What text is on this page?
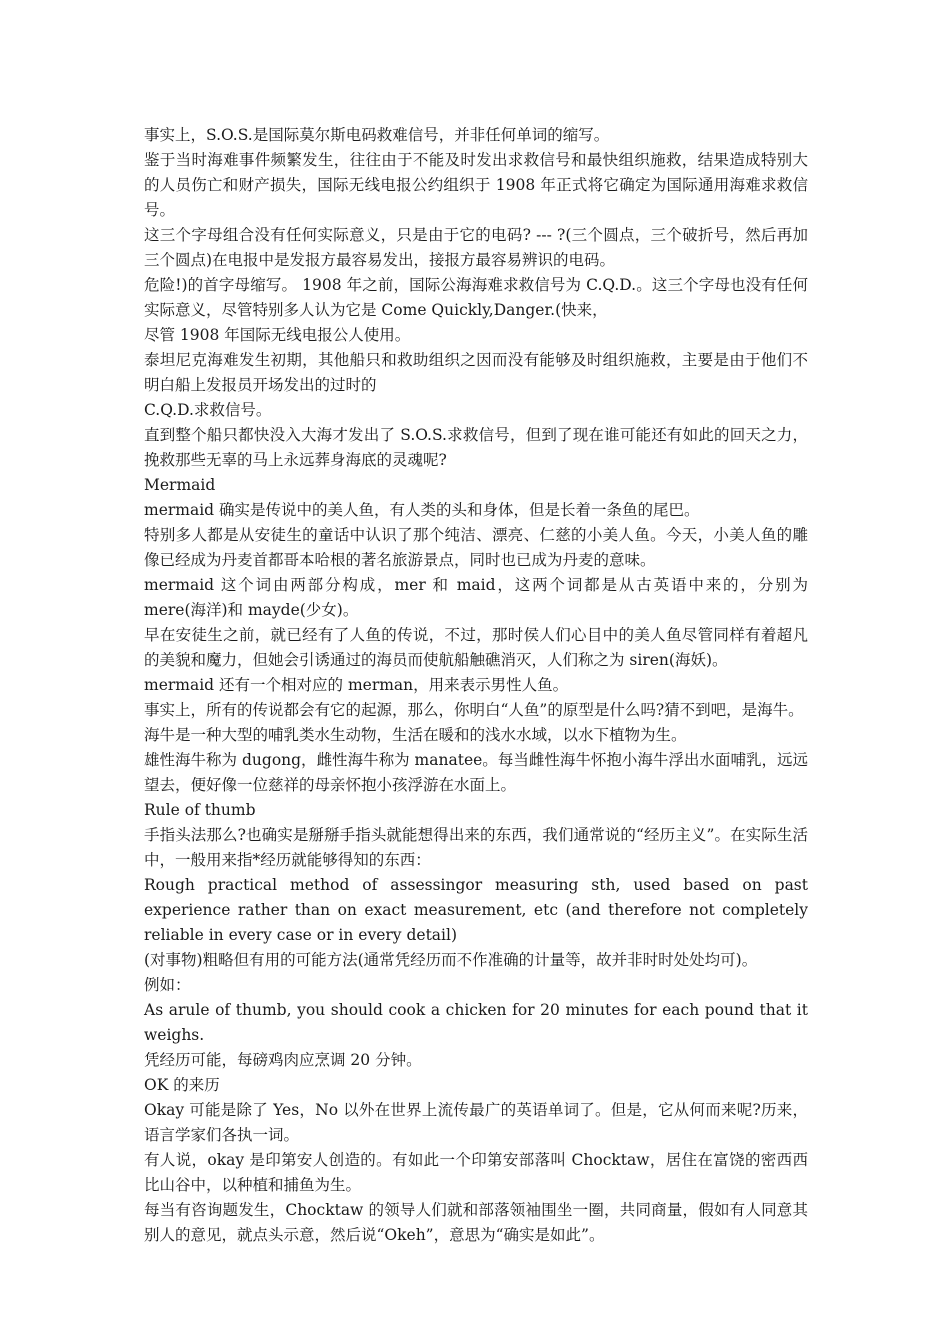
事实上，S.O.S.是国际莫尔斯电码救难信号，并非任何单词的缩写。

鉴于当时海难事件频繁发生，往往由于不能及时发出求救信号和最快组织施救，结果造成特别大的人员伤亡和财产损失，国际无线电报公约组织于 1908 年正式将它确定为国际通用海难求救信号。

这三个字母组合没有任何实际意义，只是由于它的电码? --- ?(三个圆点，三个破折号，然后再加三个圆点)在电报中是发报方最容易发出，接报方最容易辨识的电码。

危险!)的首字母缩写。 1908 年之前，国际公海海难求救信号为 C.Q.D.。这三个字母也没有任何实际意义，尽管特别多人认为它是 Come Quickly,Danger.(快来，

尽管 1908 年国际无线电报公人使用。

泰坦尼克海难发生初期，其他船只和救助组织之因而没有能够及时组织施救，主要是由于他们不明白船上发报员开场发出的过时的

C.Q.D.求救信号。

直到整个船只都快没入大海才发出了 S.O.S.求救信号，但到了现在谁可能还有如此的回天之力，挽救那些无辜的马上永远葬身海底的灵魂呢?

Mermaid

mermaid 确实是传说中的美人鱼，有人类的头和身体，但是长着一条鱼的尾巴。

特别多人都是从安徒生的童话中认识了那个纯洁、漂亮、仁慈的小美人鱼。今天，小美人鱼的雕像已经成为丹麦首都哥本哈根的著名旅游景点，同时也已成为丹麦的意味。

mermaid 这个词由两部分构成，mer 和 maid，这两个词都是从古英语中来的，分别为 mere(海洋)和 mayde(少女)。

早在安徒生之前，就已经有了人鱼的传说，不过，那时侯人们心目中的美人鱼尽管同样有着超凡的美貌和魔力，但她会引诱通过的海员而使航船触礁消灭，人们称之为 siren(海妖)。

mermaid 还有一个相对应的 merman，用来表示男性人鱼。

事实上，所有的传说都会有它的起源，那么，你明白“人鱼”的原型是什么吗?猜不到吧，是海牛。

海牛是一种大型的哺乳类水生动物，生活在暖和的浅水水域，以水下植物为生。

雄性海牛称为 dugong，雌性海牛称为 manatee。每当雌性海牛怀抱小海牛浮出水面哺乳，远远望去，便好像一位慈祥的母亲怀抱小孩浮游在水面上。

Rule of thumb

手指头法那么?也确实是掰掰手指头就能想得出来的东西，我们通常说的“经历主义”。在实际生活中，一般用来指*经历就能够得知的东西：

Rough practical method of assessingor measuring sth, used based on past experience rather than on exact measurement, etc (and therefore not completely reliable in every case or in every detail)

(对事物)粗略但有用的可能方法(通常凭经历而不作准确的计量等，故并非时时处处均可)。

例如：

As arule of thumb, you should cook a chicken for 20 minutes for each pound that it weighs.

凭经历可能，每磅鸡肉应烹调 20 分钟。

OK 的来历

Okay 可能是除了 Yes，No 以外在世界上流传最广的英语单词了。但是，它从何而来呢?历来，语言学家们各执一词。

有人说，okay 是印第安人创造的。有如此一个印第安部落叫 Chocktaw，居住在富饶的密西西比山谷中，以种植和捕鱼为生。

每当有咨询题发生，Chocktaw 的领导人们就和部落领袖围坐一圈，共同商量，假如有人同意其别人的意见，就点头示意，然后说“Okeh”，意思为“确实是如此”。
